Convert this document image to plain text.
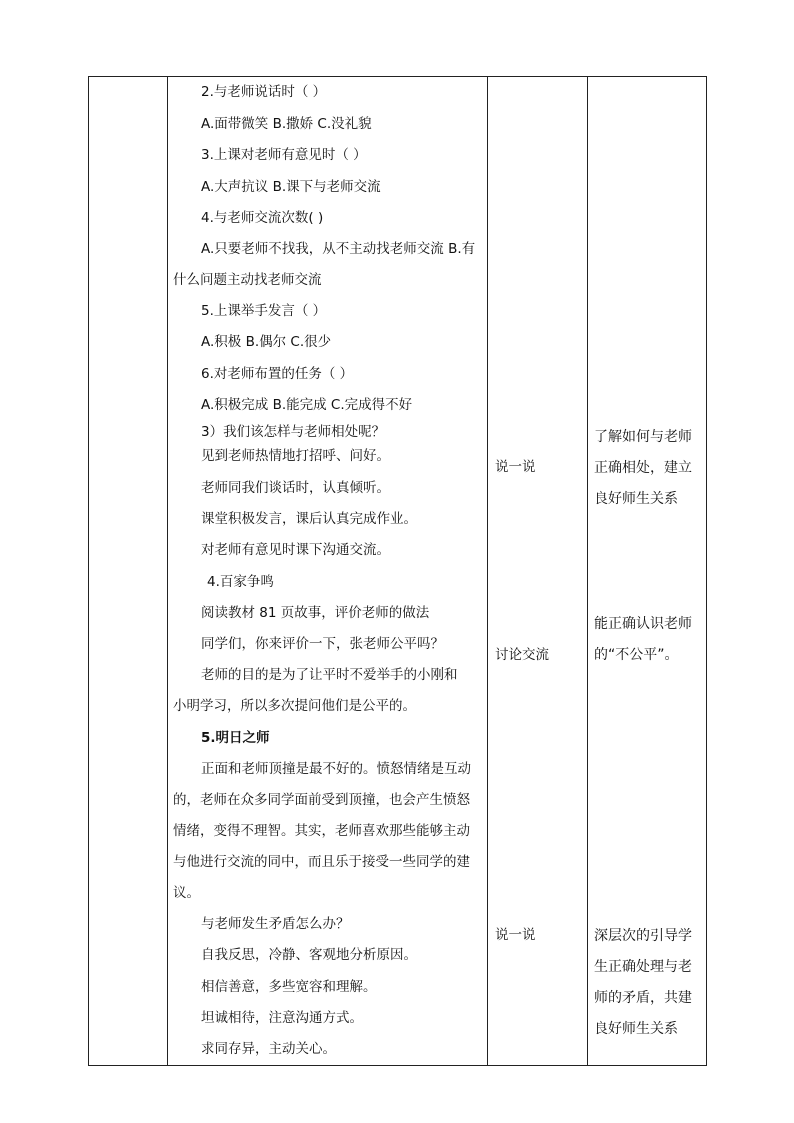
2.与老师说话时（ ）
A.面带微笑 B.撒娇 C.没礼貌
3.上课对老师有意见时（ ）
A.大声抗议 B.课下与老师交流
4.与老师交流次数( )
A.只要老师不找我，从不主动找老师交流 B.有
什么问题主动找老师交流
5.上课举手发言（ ）
A.积极 B.偶尔 C.很少
6.对老师布置的任务（ ）
A.积极完成 B.能完成 C.完成得不好
3）我们该怎样与老师相处呢？
见到老师热情地打招呼、问好。
老师同我们谈话时，认真倾听。
课堂积极发言，课后认真完成作业。
对老师有意见时课下沟通交流。
4.百家争鸣
阅读教材 81 页故事，评价老师的做法
同学们，你来评价一下，张老师公平吗？
老师的目的是为了让平时不爱举手的小刚和
小明学习，所以多次提问他们是公平的。
5.明日之师
正面和老师顶撞是最不好的。愤怒情绪是互动
的，老师在众多同学面前受到顶撞，也会产生愤怒
情绪，变得不理智。其实，老师喜欢那些能够主动
与他进行交流的同中，而且乐于接受一些同学的建
议。
与老师发生矛盾怎么办？
自我反思，冷静、客观地分析原因。
相信善意，多些宽容和理解。
坦诚相待，注意沟通方式。
求同存异，主动关心。
说一说
讨论交流
说一说
了解如何与老师
正确相处，建立
良好师生关系
能正确认识老师
的“不公平”。
深层次的引导学
生正确处理与老
师的矛盾，共建
良好师生关系
